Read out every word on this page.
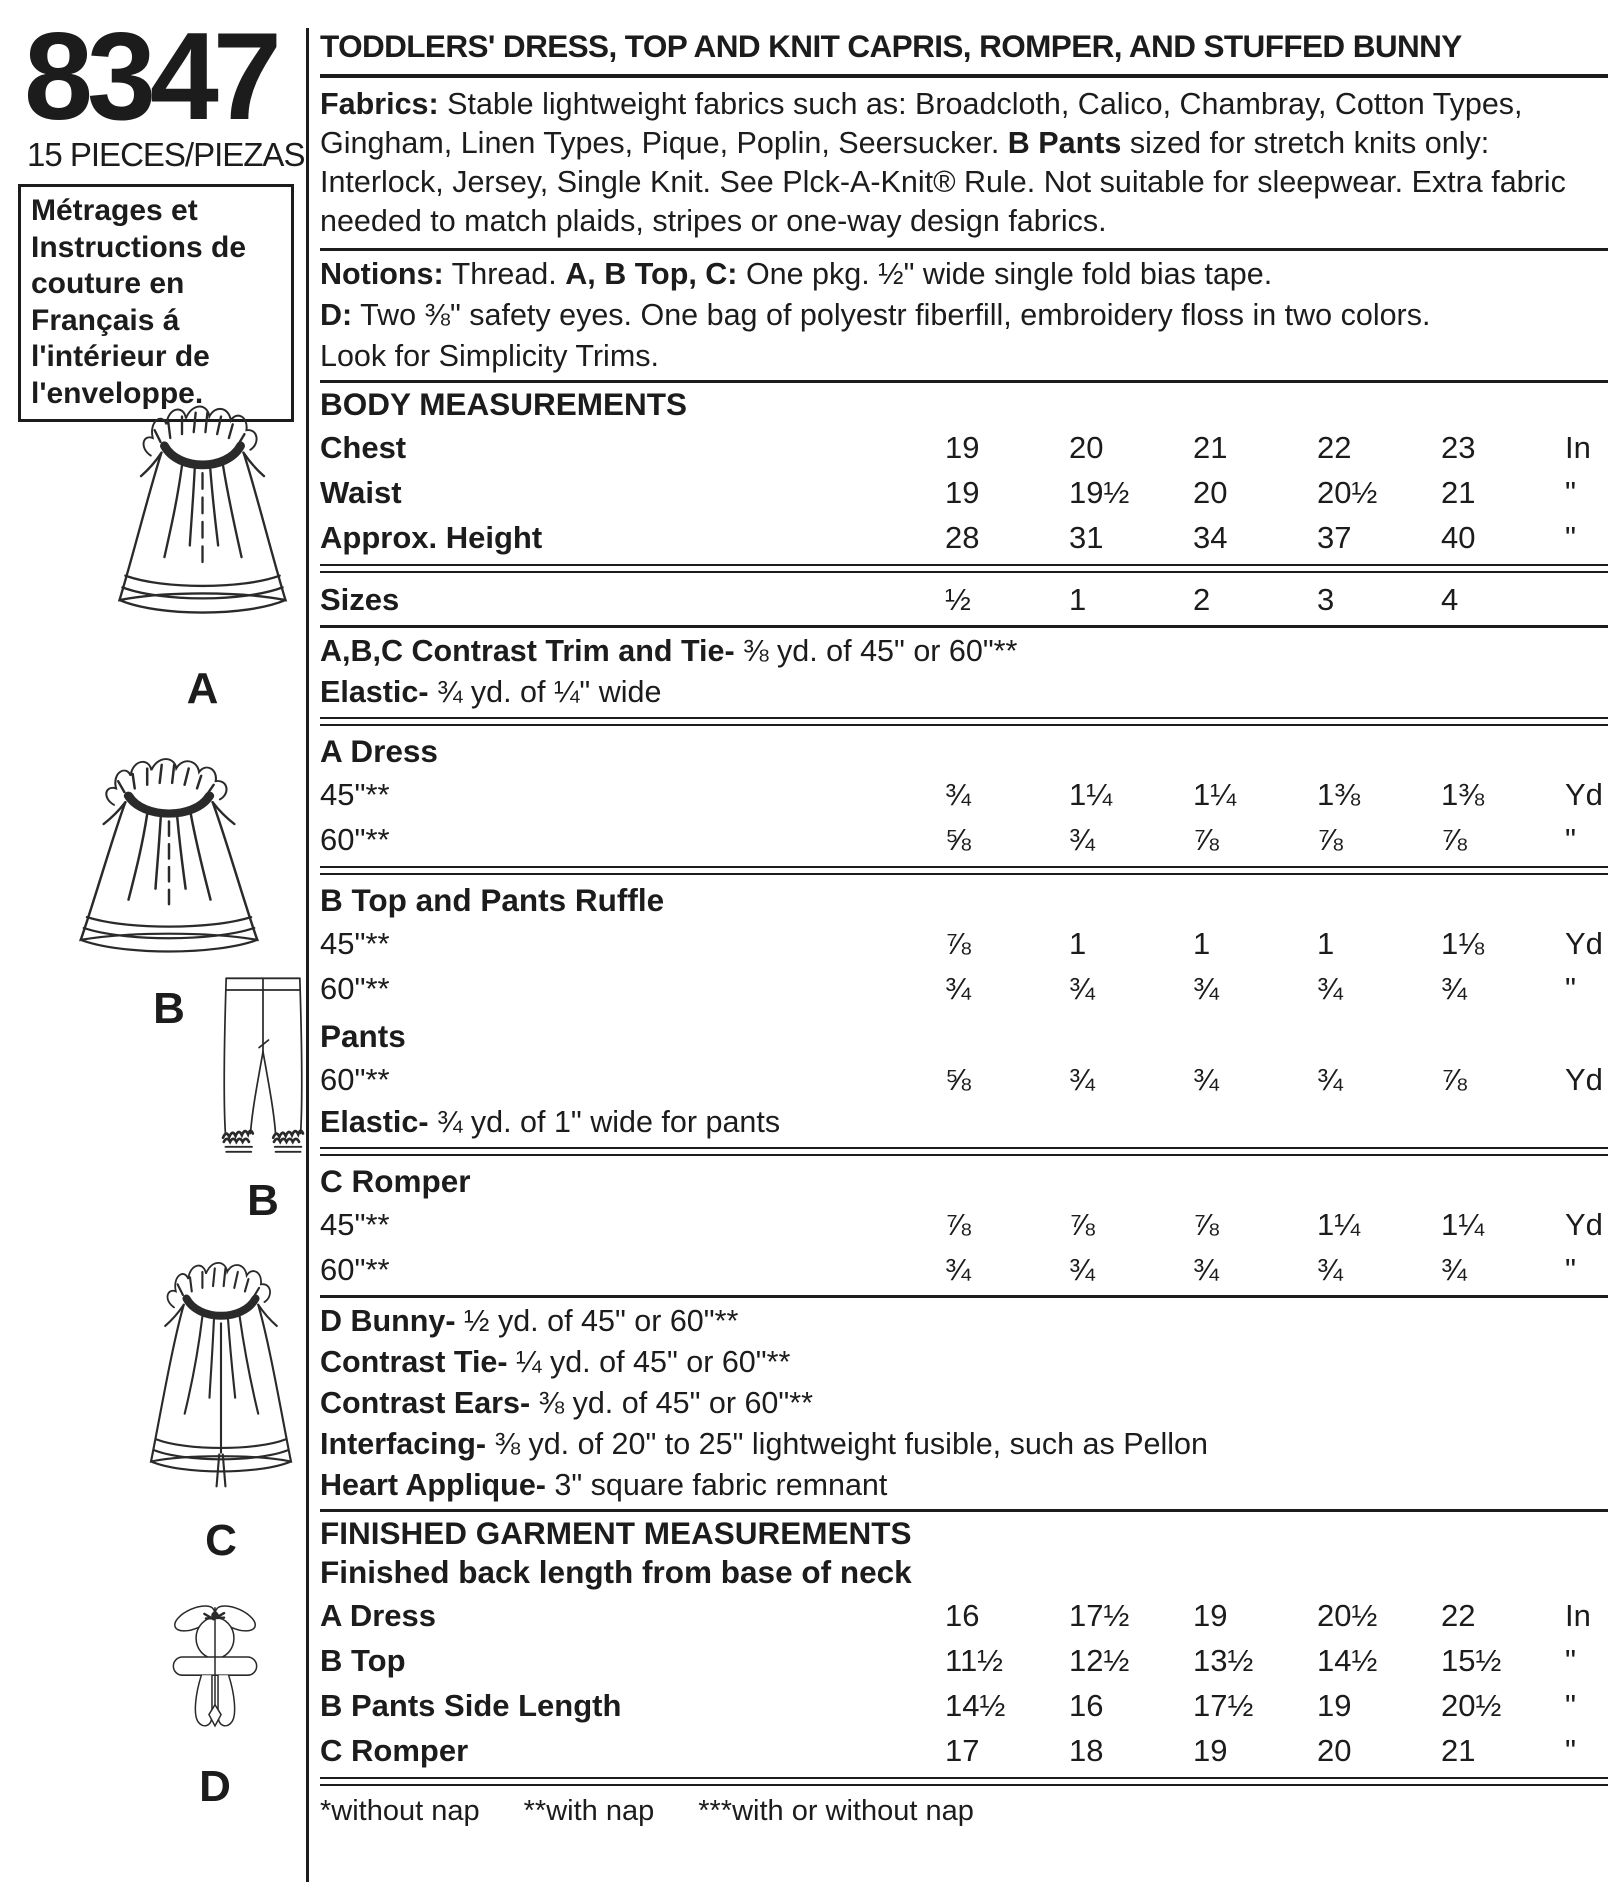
8347
15 PIECES/PIEZAS
Métrages et Instructions de couture en Français á l'intérieur de l'enveloppe.
A
B
B
C
D
TODDLERS' DRESS, TOP AND KNIT CAPRIS, ROMPER, AND STUFFED BUNNY

Fabrics: Stable lightweight fabrics such as: Broadcloth, Calico, Chambray, Cotton Types, Gingham, Linen Types, Pique, Poplin, Seersucker. B Pants sized for stretch knits only: Interlock, Jersey, Single Knit. See Plck-A-Knit® Rule. Not suitable for sleepwear. Extra fabric needed to match plaids, stripes or one-way design fabrics.

Notions: Thread. A, B Top, C: One pkg. ½" wide single fold bias tape.
D: Two ⅜" safety eyes. One bag of polyestr fiberfill, embroidery floss in two colors.
Look for Simplicity Trims.
BODY MEASUREMENTS
Chest	19	20	21	22	23	In
Waist	19	19½	20	20½	21	"
Approx. Height	28	31	34	37	40	"
Sizes	½	1	2	3	4	
A,B,C Contrast Trim and Tie- ⅜ yd. of 45" or 60"**
Elastic- ¾ yd. of ¼" wide
A Dress
45"**	¾	1¼	1¼	1⅜	1⅜	Yd
60"**	⅝	¾	⅞	⅞	⅞	"
B Top and Pants Ruffle
45"**	⅞	1	1	1	1⅛	Yd
60"**	¾	¾	¾	¾	¾	"
Pants
60"**	⅝	¾	¾	¾	⅞	Yd
Elastic- ¾ yd. of 1" wide for pants
C Romper
45"**	⅞	⅞	⅞	1¼	1¼	Yd
60"**	¾	¾	¾	¾	¾	"
D Bunny- ½ yd. of 45" or 60"**
Contrast Tie- ¼ yd. of 45" or 60"**
Contrast Ears- ⅜ yd. of 45" or 60"**
Interfacing- ⅜ yd. of 20" to 25" lightweight fusible, such as Pellon
Heart Applique- 3" square fabric remnant
FINISHED GARMENT MEASUREMENTS
Finished back length from base of neck
A Dress	16	17½	19	20½	22	In
B Top	11½	12½	13½	14½	15½	"
B Pants Side Length	14½	16	17½	19	20½	"
C Romper	17	18	19	20	21	"
*without nap **with nap ***with or without nap
